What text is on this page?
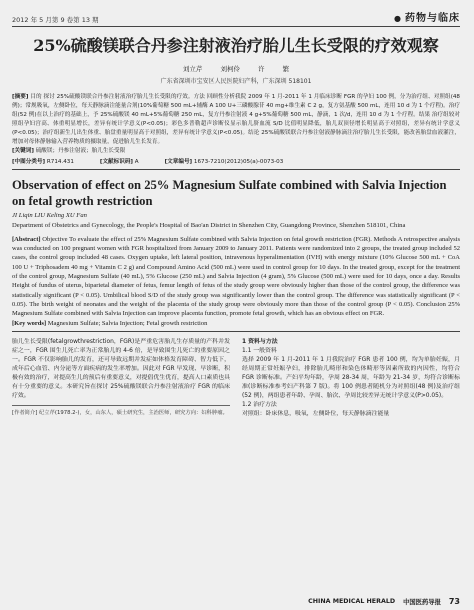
2012 年 5 月第 9 卷第 13 期	● 药物与临床
25%硫酸镁联合丹参注射液治疗胎儿生长受限的疗效观察
刘立芹	刘柯伶	许 繁
广东省深圳市宝安区人民医院妇产科，广东深圳 518101
[摘要] 目的 探讨 25%硫酸镁联合丹参注射液治疗胎儿生长受限的疗效。方法 回顾性分析我院 2009 年 1 月-2011 年 1 月临床诊断 FGR 的孕妇 100 例，分为治疗组、对照组(48 例)；常规吸氧，左侧卧位，每天静脉滴注能量合剂(10%葡萄糖 500 mL+辅酶 A 100 U+三磷酸腺苷 40 mg+维生素 C 2 g，复方氨基酸 500 mL，连用 10 d 为 1 个疗程)。治疗组(52 例)在以上治疗的基础上，予 25%硫酸镁 40 mL+5%葡萄糖 250 mL，复方丹参注射液 4 g+5%葡萄糖 500 mL，静滴，1 次/d，连用 10 d 为 1 个疗程。结果 治疗组较对照组孕妇宫高、体重明显增长，差异有统计学意义(P<0.05)；彩色多普勒超声诊断仪显示胎儿脐血流 S/D 比值明显降低，胎儿双顶径增长明显高于对照组，差异有统计学意义(P<0.05)；治疗组新生儿出生体重、胎盘重量明显高于对照组，差异有统计学意义(P<0.05)。结论 25%硫酸镁联合丹参注射液静脉滴注治疗胎儿生长受限，能改善胎盘血液灌注，增加对母体静脉输入营养物质的摄取量，促进胎儿生长发育。
[关键词] 硫酸镁；丹参注射液；胎儿生长受限
[中图分类号] R714.431	[文献标识码] A	[文章编号] 1673-7210(2012)05(a)-0073-03
Observation of effect on 25% Magnesium Sulfate combined with Salvia Injection on fetal growth restriction
JI Liqin LIU Keling XU Fan
Department of Obstetrics and Gynecology, the People's Hospital of Bao'an District in Shenzhen City, Guangdong Province, Shenzhen 518101, China
[Abstract] Objective To evaluate the effect of 25% Magnesium Sulfate combined with Salvia Injection on fetal growth restriction (FGR). Methods A retrospective analysis was conducted on 100 pregnant women with FGR hospitalized from January 2009 to January 2011. Patients were randomized into 2 groups, the treated group included 52 cases, the control group included 48 cases. Oxygen uptake, left lateral position, intravenous hyperalimentation (IVH) with energy mixture (10% Glucose 500 mL + CoA 100 U + Triphosadem 40 mg + Vitamin C 2 g) and Compound Amino Acid (500 mL) were used in control group for 10 days. In the treated group, except for the treatment of the control group, Magnesium Sulfate (40 mL), 5% Glucose (250 mL) and Salvia Injection (4 gram), 5% Glucose (500 mL) were used for 10 days, once a day. Results Height of fundus of uterus, biparietal diameter of fetus, femur length of fetus of the study group were obviously higher than those of the control group, the difference was statistically significant (P < 0.05). Umbilical blood S/D of the study group was significantly lower than the control group. The difference was statistically significant (P < 0.05). The birth weight of neonates and the weight of the placenta of the study group were obviously more than those of the control group (P < 0.05). Conclusion 25% Magnesium Sulfate combined with Salvia Injection can improve placenta function, promote fetal growth, which has an obvious effect on FGR.
[Key words] Magnesium Sulfate; Salvia Injection; Fetal growth restriction
胎儿生长受限(fetalgrowthrestriction，FGR)是严重危害胎儿生存质量的产科并发症之一，FGR 围生儿死亡率为正常胎儿的 4-6 倍，是导致围生儿死亡的重要原因之一。FGR 不仅影响胎儿的发育，还可导致远期并发症如体格发育障碍、智力低下，成年后心血管、内分泌等方面疾病的发生率增加。因此对 FGR 早发现、早诊断，积极有效的治疗，对提高生儿的预后有重要意义，对提倡优生优育，提高人口素质也具有十分重要的意义。本研究旨在探讨 25%硫酸镁联合丹参注射液治疗 FGR 的临床疗效。
[作者简介] 纪立芹(1978.2-)，女，山东人，硕士研究生，主治医师，研究方向：妇科肿瘤。
1 资料与方法
1.1 一般资料
选择 2009 年 1 月-2011 年 1 月我院治疗 FGR 患者 100 例，均为单胎妊娠，月经周期正常妊娠孕妇，排除胎儿畸形和染色体畸形等因素所致的内因性，均符合 FGR 诊断标准。产妇平均年龄，孕周 28-34 周，年龄为 21-34 岁，均符合诊断标准(诊断标准参考妇产科第 7 版)。将 100 例患者随机分为对照组(48 例)及治疗组(52 例)，两组患者年龄、孕周、胎次、孕周比较差异无统计学意义(P>0.05)。
1.2 治疗方法
对照组：卧床休息，吸氧，左侧卧位，每天静脉滴注能量
CHINA MEDICAL HERALD 中国医药导报 73
